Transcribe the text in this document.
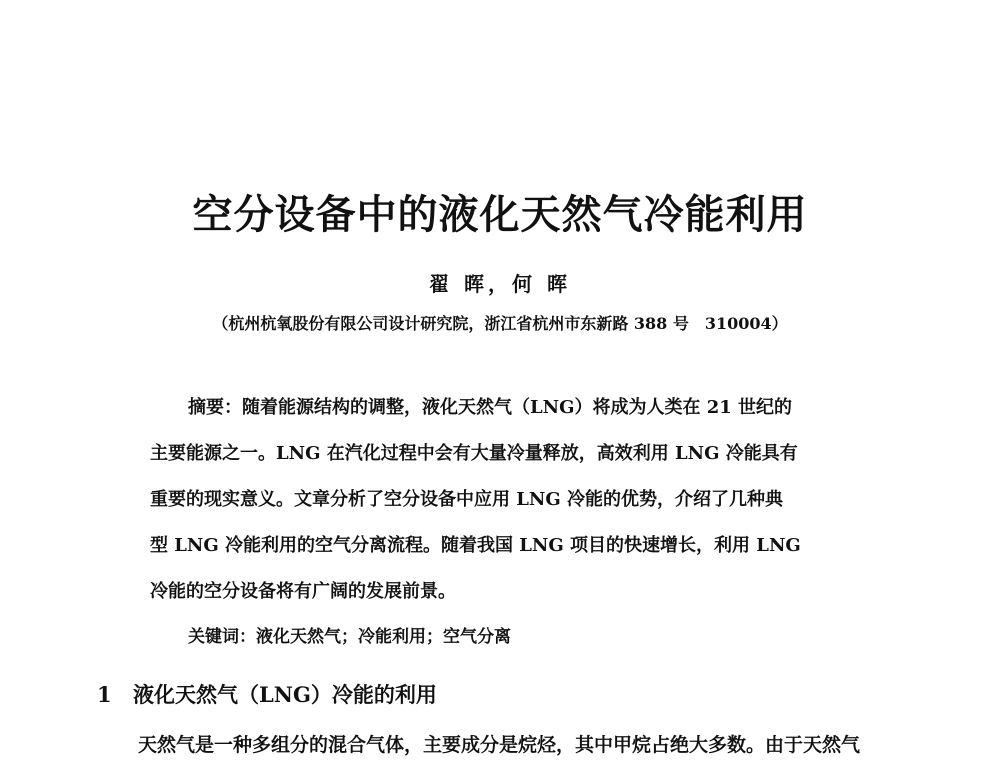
空分设备中的液化天然气冷能利用
翟 晖，何 晖
（杭州杭氧股份有限公司设计研究院，浙江省杭州市东新路 388 号　310004）
摘要：随着能源结构的调整，液化天然气（LNG）将成为人类在 21 世纪的
主要能源之一。LNG 在汽化过程中会有大量冷量释放，高效利用 LNG 冷能具有
重要的现实意义。文章分析了空分设备中应用 LNG 冷能的优势，介绍了几种典
型 LNG 冷能利用的空气分离流程。随着我国 LNG 项目的快速增长，利用 LNG
冷能的空分设备将有广阔的发展前景。
关键词：液化天然气；冷能利用；空气分离
1 液化天然气（LNG）冷能的利用
天然气是一种多组分的混合气体，主要成分是烷烃，其中甲烷占绝大多数。由于天然气
